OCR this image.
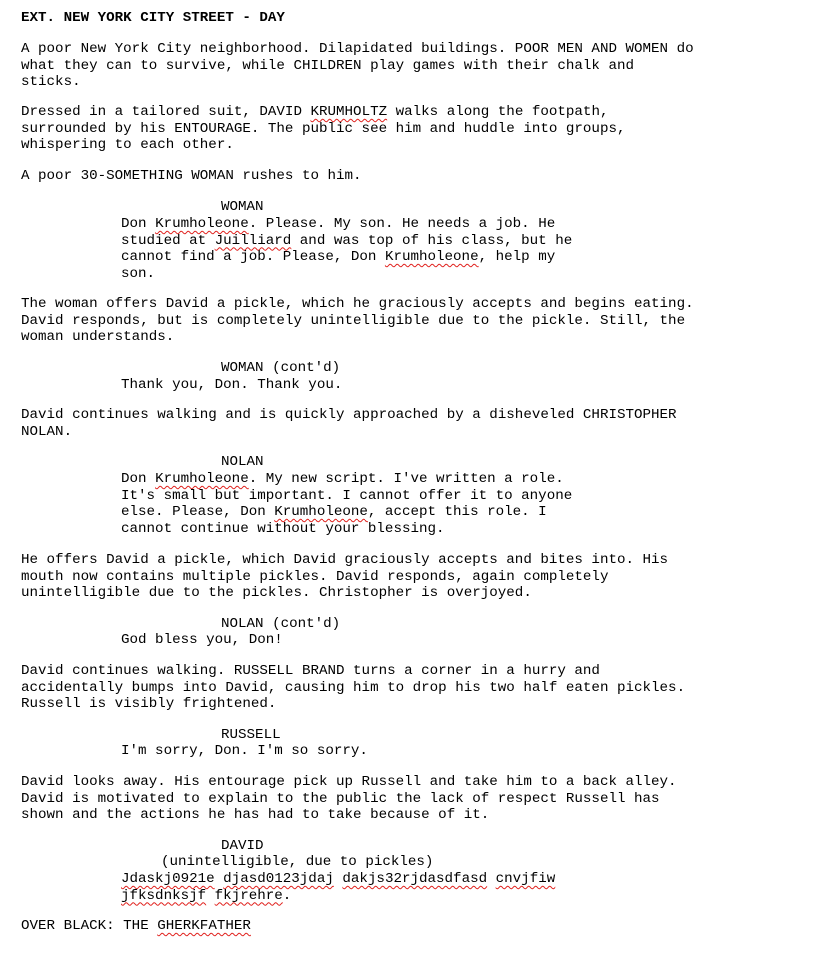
EXT. NEW YORK CITY STREET - DAY
A poor New York City neighborhood. Dilapidated buildings. POOR MEN AND WOMEN do
what they can to survive, while CHILDREN play games with their chalk and
sticks.
Dressed in a tailored suit, DAVID KRUMHOLTZ walks along the footpath,
surrounded by his ENTOURAGE. The public see him and huddle into groups,
whispering to each other.
A poor 30-SOMETHING WOMAN rushes to him.
WOMAN
Don Krumholeone. Please. My son. He needs a job. He
studied at Juilliard and was top of his class, but he
cannot find a job. Please, Don Krumholeone, help my
son.
The woman offers David a pickle, which he graciously accepts and begins eating.
David responds, but is completely unintelligible due to the pickle. Still, the
woman understands.
WOMAN (cont'd)
Thank you, Don. Thank you.
David continues walking and is quickly approached by a disheveled CHRISTOPHER
NOLAN.
NOLAN
Don Krumholeone. My new script. I've written a role.
It's small but important. I cannot offer it to anyone
else. Please, Don Krumholeone, accept this role. I
cannot continue without your blessing.
He offers David a pickle, which David graciously accepts and bites into. His
mouth now contains multiple pickles. David responds, again completely
unintelligible due to the pickles. Christopher is overjoyed.
NOLAN (cont'd)
God bless you, Don!
David continues walking. RUSSELL BRAND turns a corner in a hurry and
accidentally bumps into David, causing him to drop his two half eaten pickles.
Russell is visibly frightened.
RUSSELL
I'm sorry, Don. I'm so sorry.
David looks away. His entourage pick up Russell and take him to a back alley.
David is motivated to explain to the public the lack of respect Russell has
shown and the actions he has had to take because of it.
DAVID
(unintelligible, due to pickles)
Jdaskj0921e djasd0123jdaj dakjs32rjdasdfasd cnvjfiw
jfksdnksjf fkjrehre.
OVER BLACK: THE GHERKFATHER
